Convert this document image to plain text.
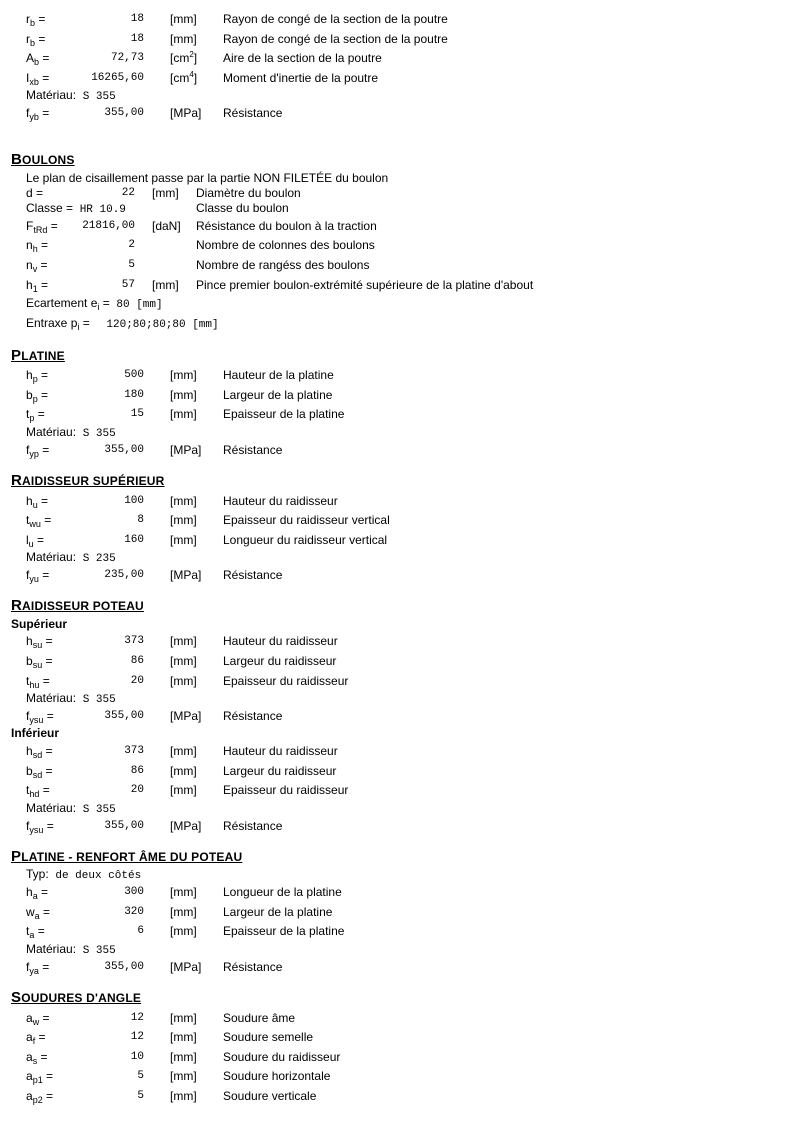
$r_b$ =	18 [mm] Rayon de congé de la section de la poutre
$r_b$ =	18 [mm] Rayon de congé de la section de la poutre
$A_b$ =	72,73 $[cm^2]$ Aire de la section de la poutre
$I_{xb}$ =	16265,60 $[cm^4]$ Moment d'inertie de la poutre
Matériau: S 355
$f_{yb}$ =	355,00 [MPa] Résistance
BOULONS
Le plan de cisaillement passe par la partie NON FILETÉE du boulon
d =	22 [mm] Diamètre du boulon
Classe = HR 10.9	Classe du boulon
$F_{tRd} = 21816,00$ [daN] Résistance du boulon à la traction
$n_h$ =	2	Nombre de colonnes des boulons
$n_v$ =	5	Nombre de rangéss des boulons
$h_1$ =	57 [mm] Pince premier boulon-extrémité supérieure de la platine d'about
Ecartement $e_i = 80$ [mm]
Entraxe $p_i$ = 120;80;80;80 [mm]
PLATINE
$h_p$ =	500 [mm] Hauteur de la platine
$b_p$ =	180 [mm] Largeur de la platine
$t_p$ =	15 [mm] Epaisseur de la platine
Matériau: S 355
$f_{yp}$ =	355,00 [MPa] Résistance
RAIDISSEUR SUPÉRIEUR
$h_u$ =	100 [mm] Hauteur du raidisseur
$t_{wu}$ =	8 [mm] Epaisseur du raidisseur vertical
$l_u$ =	160 [mm] Longueur du raidisseur vertical
Matériau: S 235
$f_{yu}$ =	235,00 [MPa] Résistance
RAIDISSEUR POTEAU
Supérieur
$h_{su}$ =	373 [mm] Hauteur du raidisseur
$b_{su}$ =	86 [mm] Largeur du raidisseur
$t_{hu}$ =	20 [mm] Epaisseur du raidisseur
Matériau: S 355
$f_{ysu}$ =	355,00 [MPa] Résistance
Inférieur
$h_{sd}$ =	373 [mm] Hauteur du raidisseur
$b_{sd}$ =	86 [mm] Largeur du raidisseur
$t_{hd}$ =	20 [mm] Epaisseur du raidisseur
Matériau: S 355
$f_{ysu}$ =	355,00 [MPa] Résistance
PLATINE - RENFORT ÂME DU POTEAU
Typ: de deux côtés
$h_a$ =	300 [mm] Longueur de la platine
$w_a$ =	320 [mm] Largeur de la platine
$t_a$ =	6 [mm] Epaisseur de la platine
Matériau: S 355
$f_{ya}$ =	355,00 [MPa] Résistance
SOUDURES D'ANGLE
$a_w$ =	12 [mm] Soudure âme
$a_f$ =	12 [mm] Soudure semelle
$a_s$ =	10 [mm] Soudure du raidisseur
$a_{p1}$ =	5 [mm] Soudure horizontale
$a_{p2}$ =	5 [mm] Soudure verticale
